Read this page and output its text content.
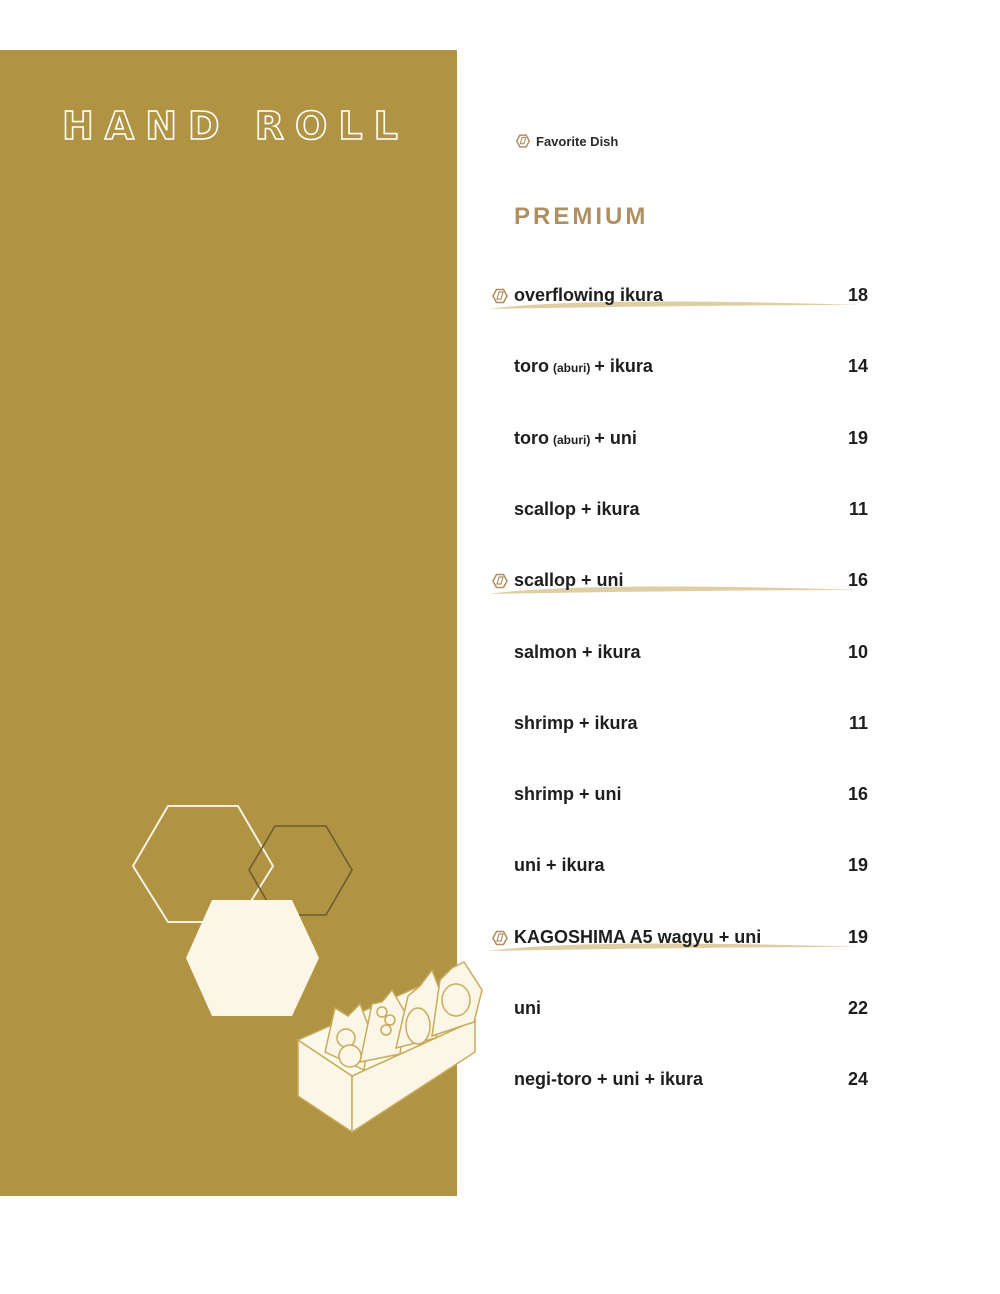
HAND ROLL	Favorite Dish
PREMIUM
overflowing ikura	18
toro (aburi) + ikura	14
toro (aburi) + uni	19
scallop + ikura	11
scallop + uni	16
salmon + ikura	10
shrimp + ikura	11
shrimp + uni	16
uni + ikura	19
KAGOSHIMA A5 wagyu + uni	19
uni	22
negi-toro + uni + ikura	24
